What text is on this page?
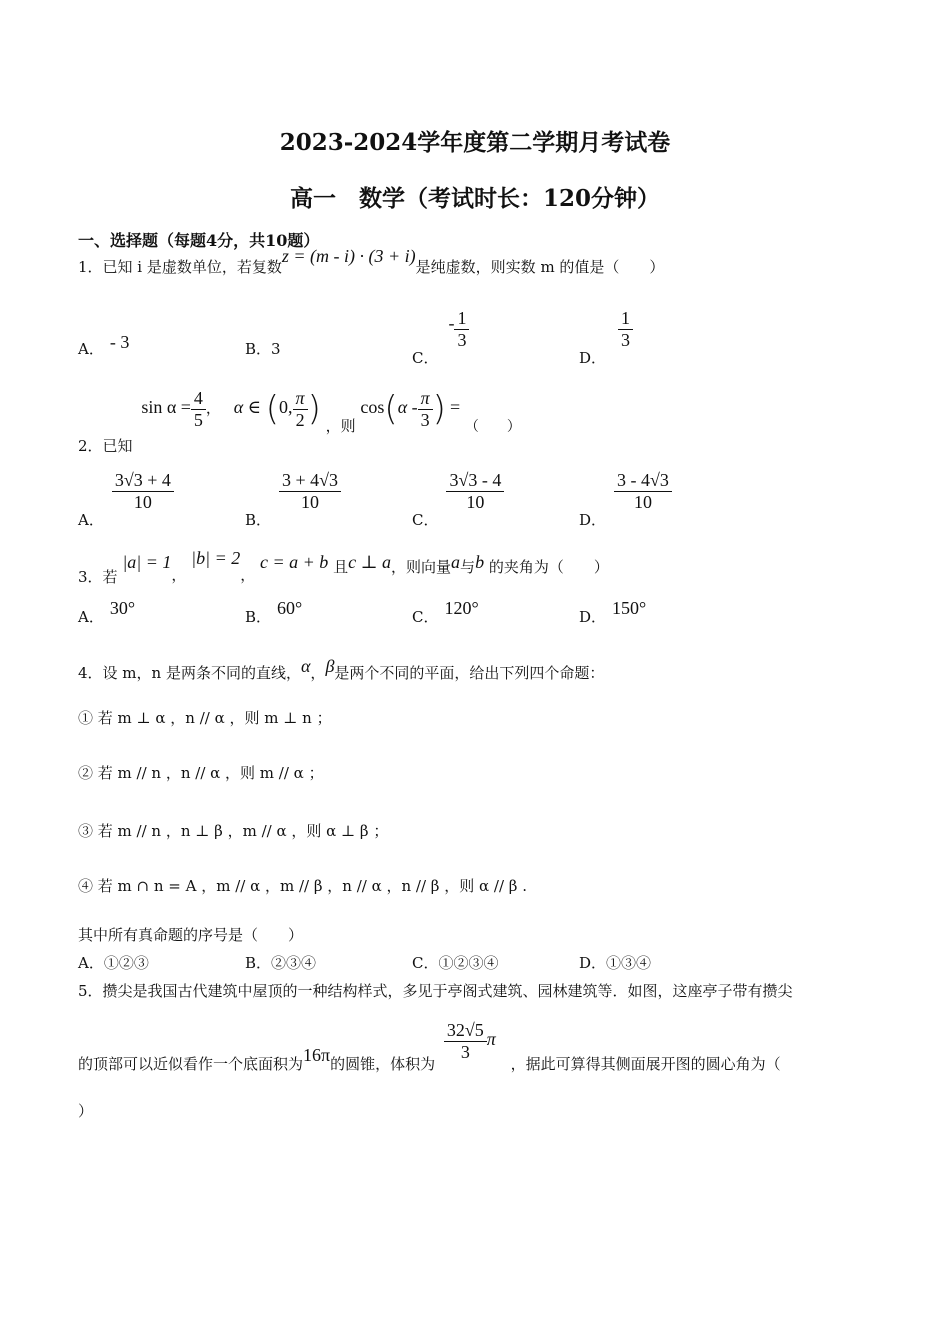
2023-2024学年度第二学期月考试卷
高一　数学（考试时长：120分钟）
一、选择题（每题4分，共10题）
1．已知 i 是虚数单位，若复数z = (m - i) · (3 + i)是纯虚数，则实数 m 的值是（　　）
A． - 3	B．3
C．- $\frac{1}{3}$
D．
$\frac{1}{3}$
2．已知 $\sin \alpha = \frac{4}{5}$ ， α ∈ (0, $\frac{\pi}{2}$ ) ，则 $\cos(\alpha - \frac{\pi}{3}$ ) = （　　）
A．
$\frac{3√3 + 4}{10}$
B．
$\frac{3 + 4√3}{10}$
C．
$\frac{3√3 - 4}{10}$
D．
$\frac{3 - 4√3}{10}$
3．若 |a| = 1， |b| = 2， c = a + b 且c ⊥ a，则向量a与b 的夹角为（　　）
A． 30°	B． 60°	C． 120°	D． 150°
4．设 m，n 是两条不同的直线，α，β是两个不同的平面，给出下列四个命题：
① 若 m ⊥ α ，n // α ，则 m ⊥ n ；
② 若 m // n ，n // α ，则 m // α ；
③ 若 m // n ，n ⊥ β ，m // α ，则 α ⊥ β ；
④ 若 m ∩ n = A ，m // α ，m // β ，n // α ，n // β ，则 α // β .
其中所有真命题的序号是（　　）
A．①②③	B．②③④	C．①②③④	D．①③④
5．攒尖是我国古代建筑中屋顶的一种结构样式，多见于亭阁式建筑、园林建筑等．如图，这座亭子带有攒尖
的顶部可以近似看作一个底面积为16π的圆锥，体积为
$\frac{32√5}{3}$ π ，据此可算得其侧面展开图的圆心角为（
）
